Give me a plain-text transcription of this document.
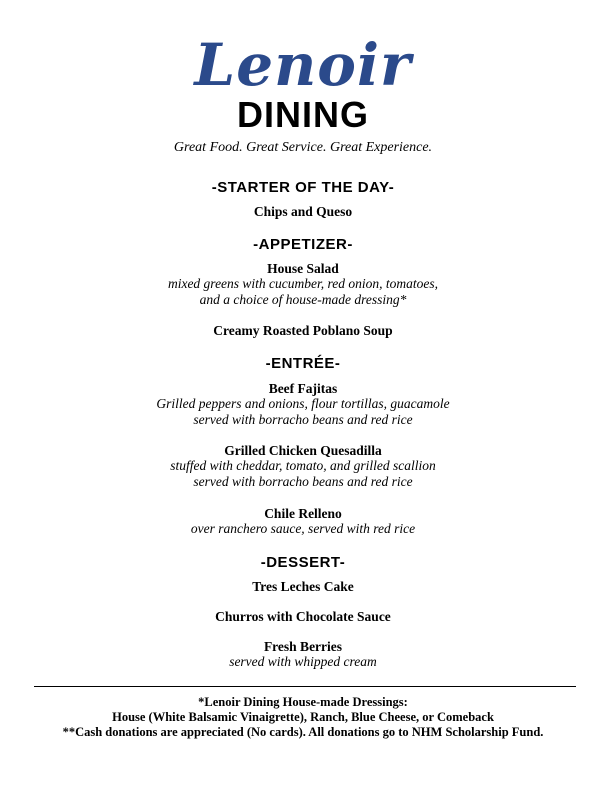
Lenoir
DINING
Great Food. Great Service. Great Experience.
-STARTER OF THE DAY-
Chips and Queso
-APPETIZER-
House Salad
mixed greens with cucumber, red onion, tomatoes,
and a choice of house-made dressing*
Creamy Roasted Poblano Soup
-ENTRÉE-
Beef Fajitas
Grilled peppers and onions, flour tortillas, guacamole
served with borracho beans and red rice
Grilled Chicken Quesadilla
stuffed with cheddar, tomato, and grilled scallion
served with borracho beans and red rice
Chile Relleno
over ranchero sauce, served with red rice
-DESSERT-
Tres Leches Cake
Churros with Chocolate Sauce
Fresh Berries
served with whipped cream
*Lenoir Dining House-made Dressings:
House (White Balsamic Vinaigrette), Ranch, Blue Cheese, or Comeback
**Cash donations are appreciated (No cards). All donations go to NHM Scholarship Fund.
